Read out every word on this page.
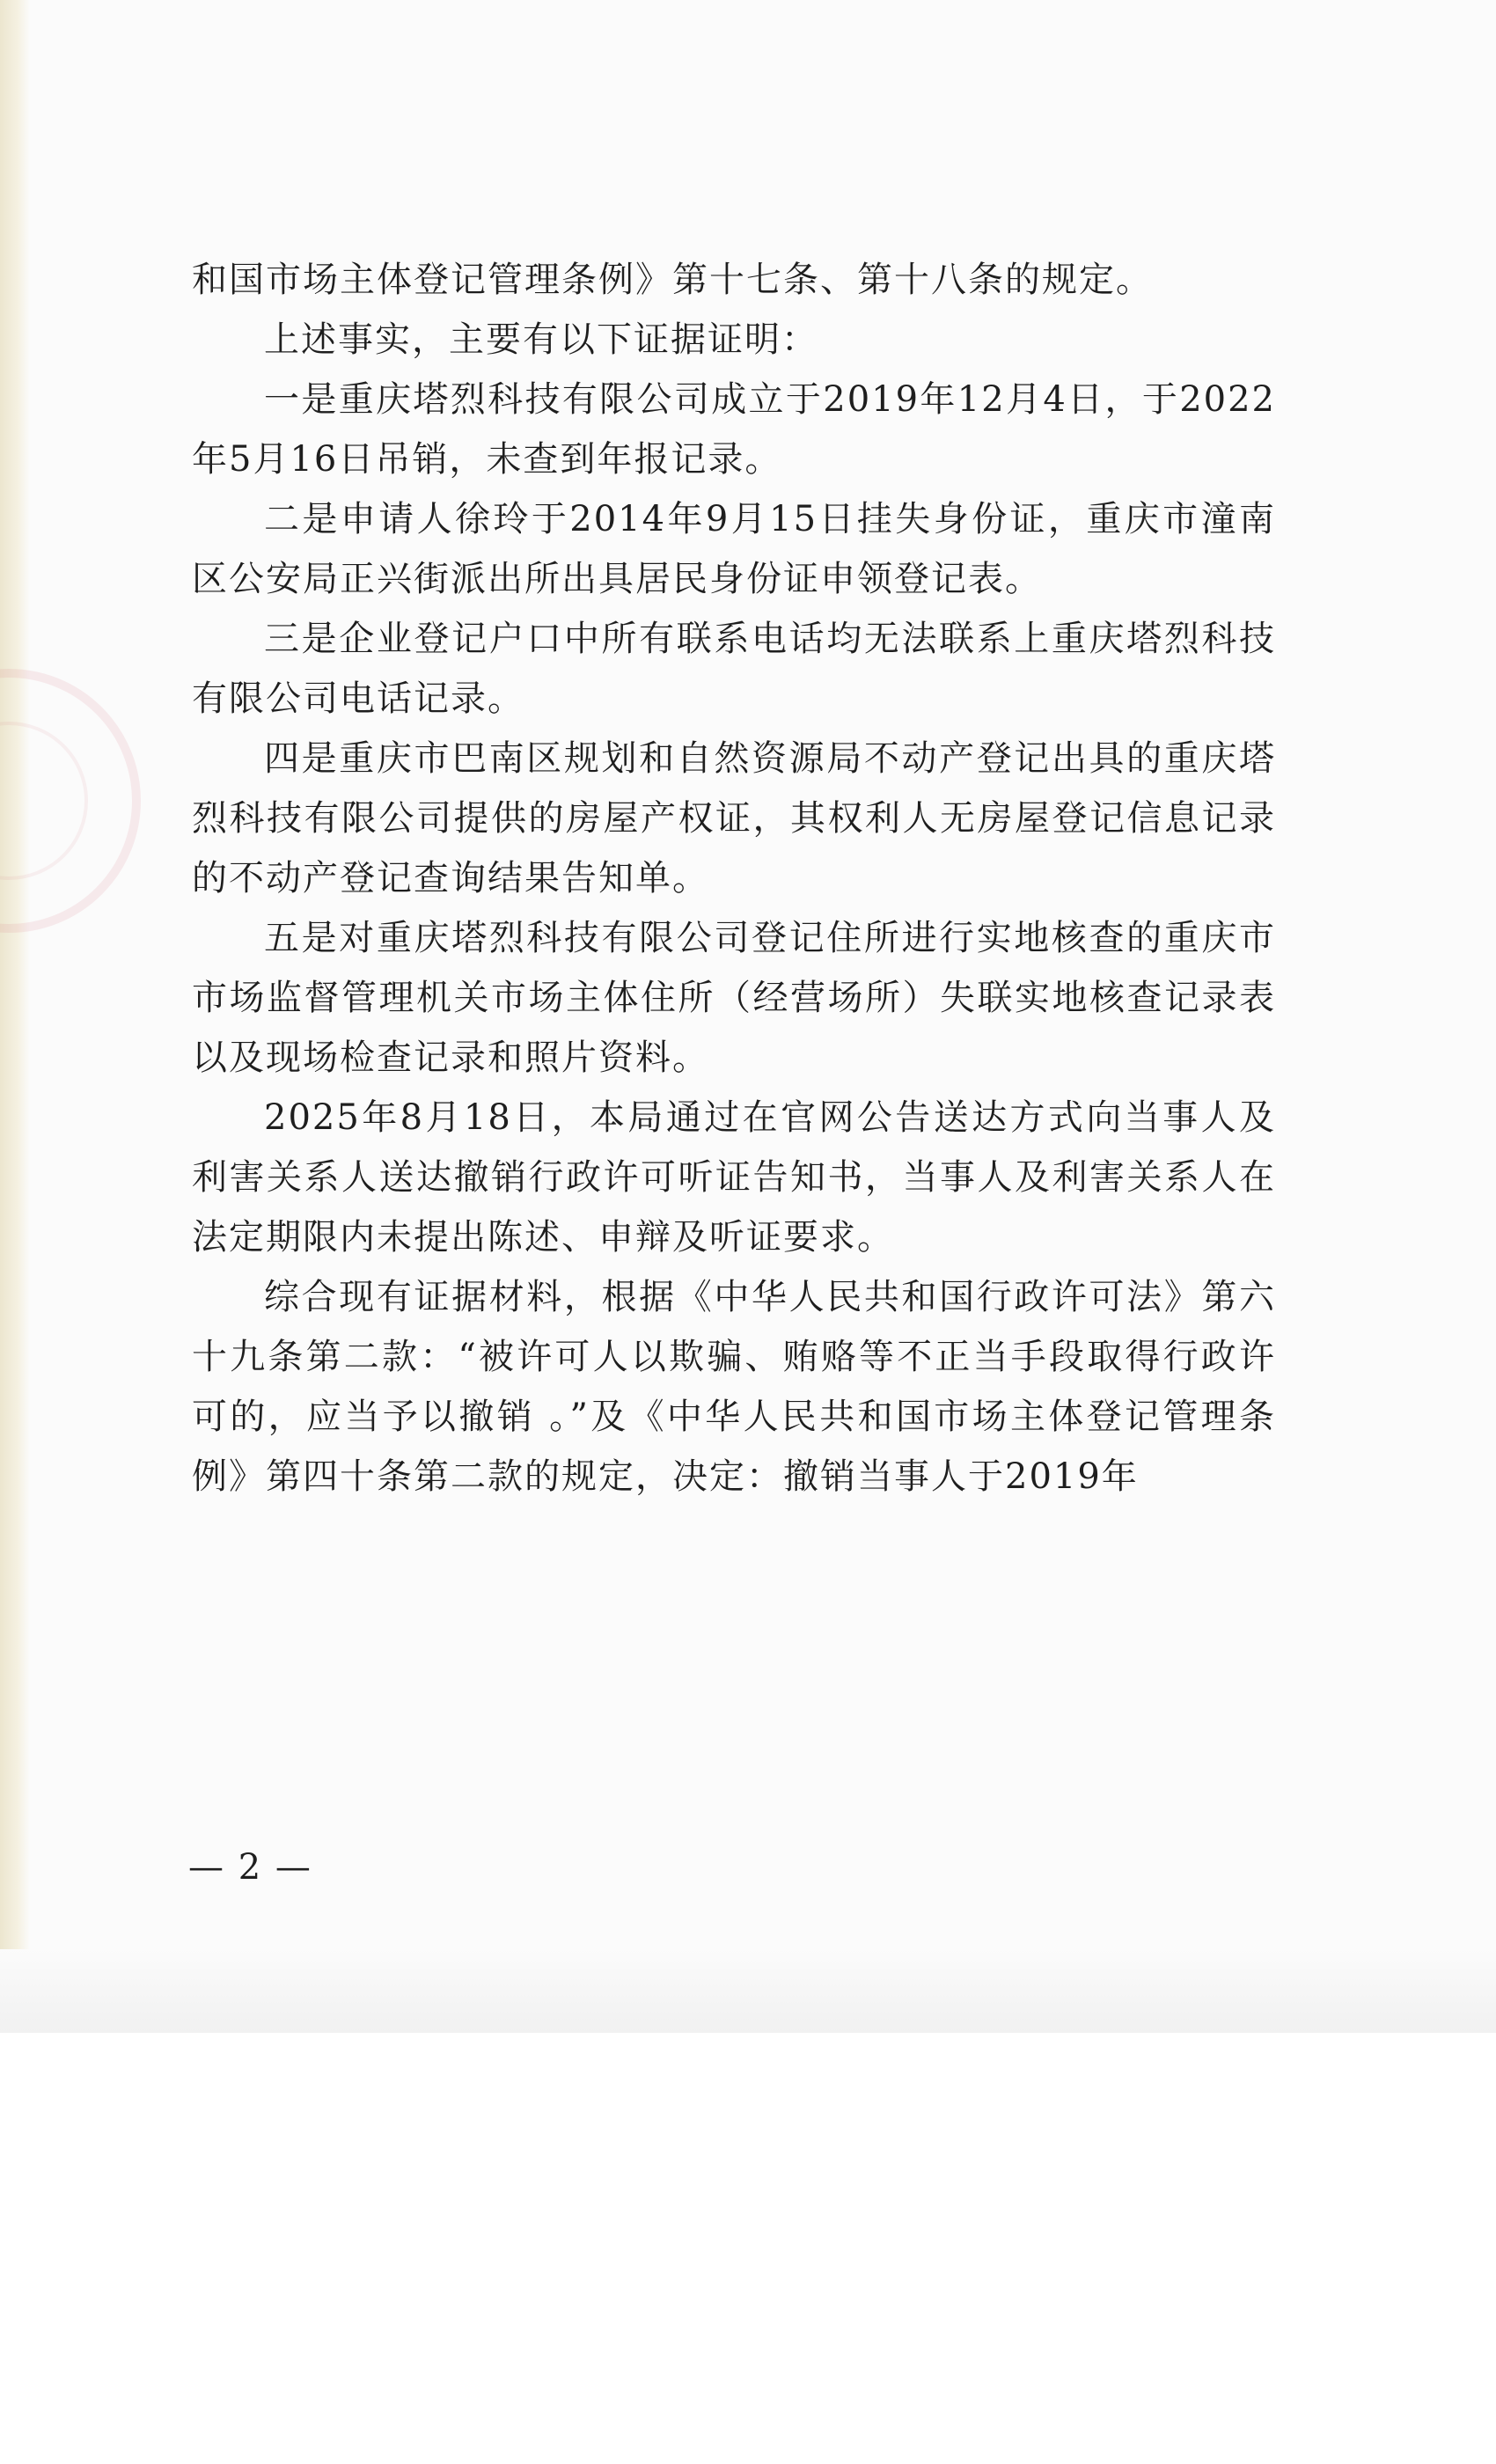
和国市场主体登记管理条例》第十七条、第十八条的规定。

上述事实，主要有以下证据证明：

一是重庆塔烈科技有限公司成立于2019年12月4日，于2022年5月16日吊销，未查到年报记录。

二是申请人徐玲于2014年9月15日挂失身份证，重庆市潼南区公安局正兴街派出所出具居民身份证申领登记表。

三是企业登记户口中所有联系电话均无法联系上重庆塔烈科技有限公司电话记录。

四是重庆市巴南区规划和自然资源局不动产登记出具的重庆塔烈科技有限公司提供的房屋产权证，其权利人无房屋登记信息记录的不动产登记查询结果告知单。

五是对重庆塔烈科技有限公司登记住所进行实地核查的重庆市市场监督管理机关市场主体住所（经营场所）失联实地核查记录表以及现场检查记录和照片资料。

2025年8月18日，本局通过在官网公告送达方式向当事人及利害关系人送达撤销行政许可听证告知书，当事人及利害关系人在法定期限内未提出陈述、申辩及听证要求。

综合现有证据材料，根据《中华人民共和国行政许可法》第六十九条第二款：“被许可人以欺骗、贿赂等不正当手段取得行政许可的，应当予以撤销 。”及《中华人民共和国市场主体登记管理条例》第四十条第二款的规定，决定：撤销当事人于2019年

— 2 —
